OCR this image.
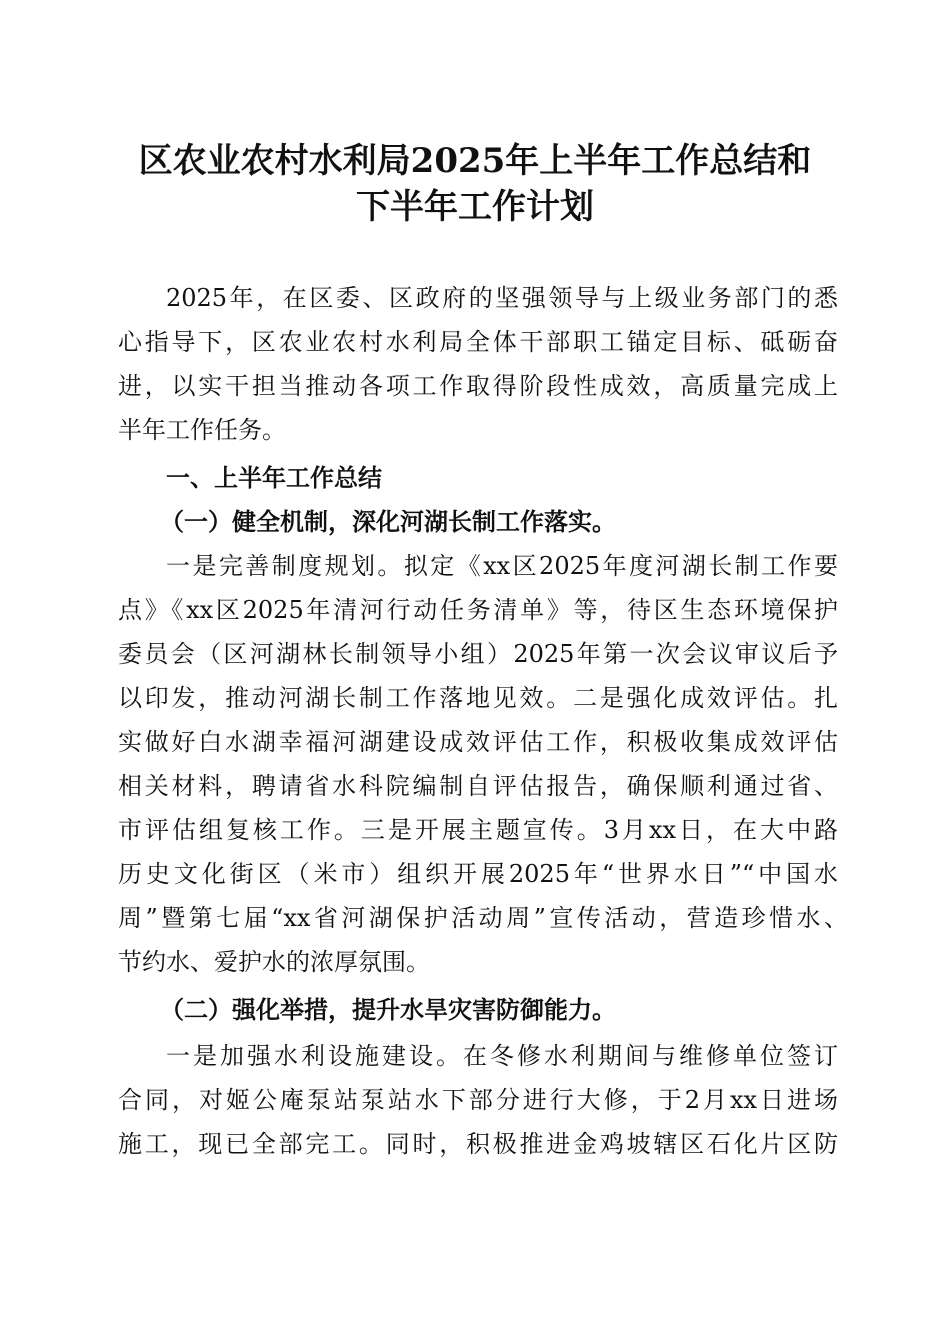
区农业农村水利局2025年上半年工作总结和
下半年工作计划

2025年，在区委、区政府的坚强领导与上级业务部门的悉

心指导下，区农业农村水利局全体干部职工锚定目标、砥砺奋

进，以实干担当推动各项工作取得阶段性成效，高质量完成上

半年工作任务。

一、上半年工作总结

（一）健全机制，深化河湖长制工作落实。

一是完善制度规划。拟定《xx区2025年度河湖长制工作要

点》《xx区2025年清河行动任务清单》等，待区生态环境保护

委员会（区河湖林长制领导小组）2025年第一次会议审议后予

以印发，推动河湖长制工作落地见效。二是强化成效评估。扎

实做好白水湖幸福河湖建设成效评估工作，积极收集成效评估

相关材料，聘请省水科院编制自评估报告，确保顺利通过省、

市评估组复核工作。三是开展主题宣传。3月xx日，在大中路

历史文化街区（米市）组织开展2025年“世界水日”“中国水

周”暨第七届“xx省河湖保护活动周”宣传活动，营造珍惜水、

节约水、爱护水的浓厚氛围。

（二）强化举措，提升水旱灾害防御能力。

一是加强水利设施建设。在冬修水利期间与维修单位签订

合同，对姬公庵泵站泵站水下部分进行大修，于2月xx日进场

施工，现已全部完工。同时，积极推进金鸡坡辖区石化片区防
